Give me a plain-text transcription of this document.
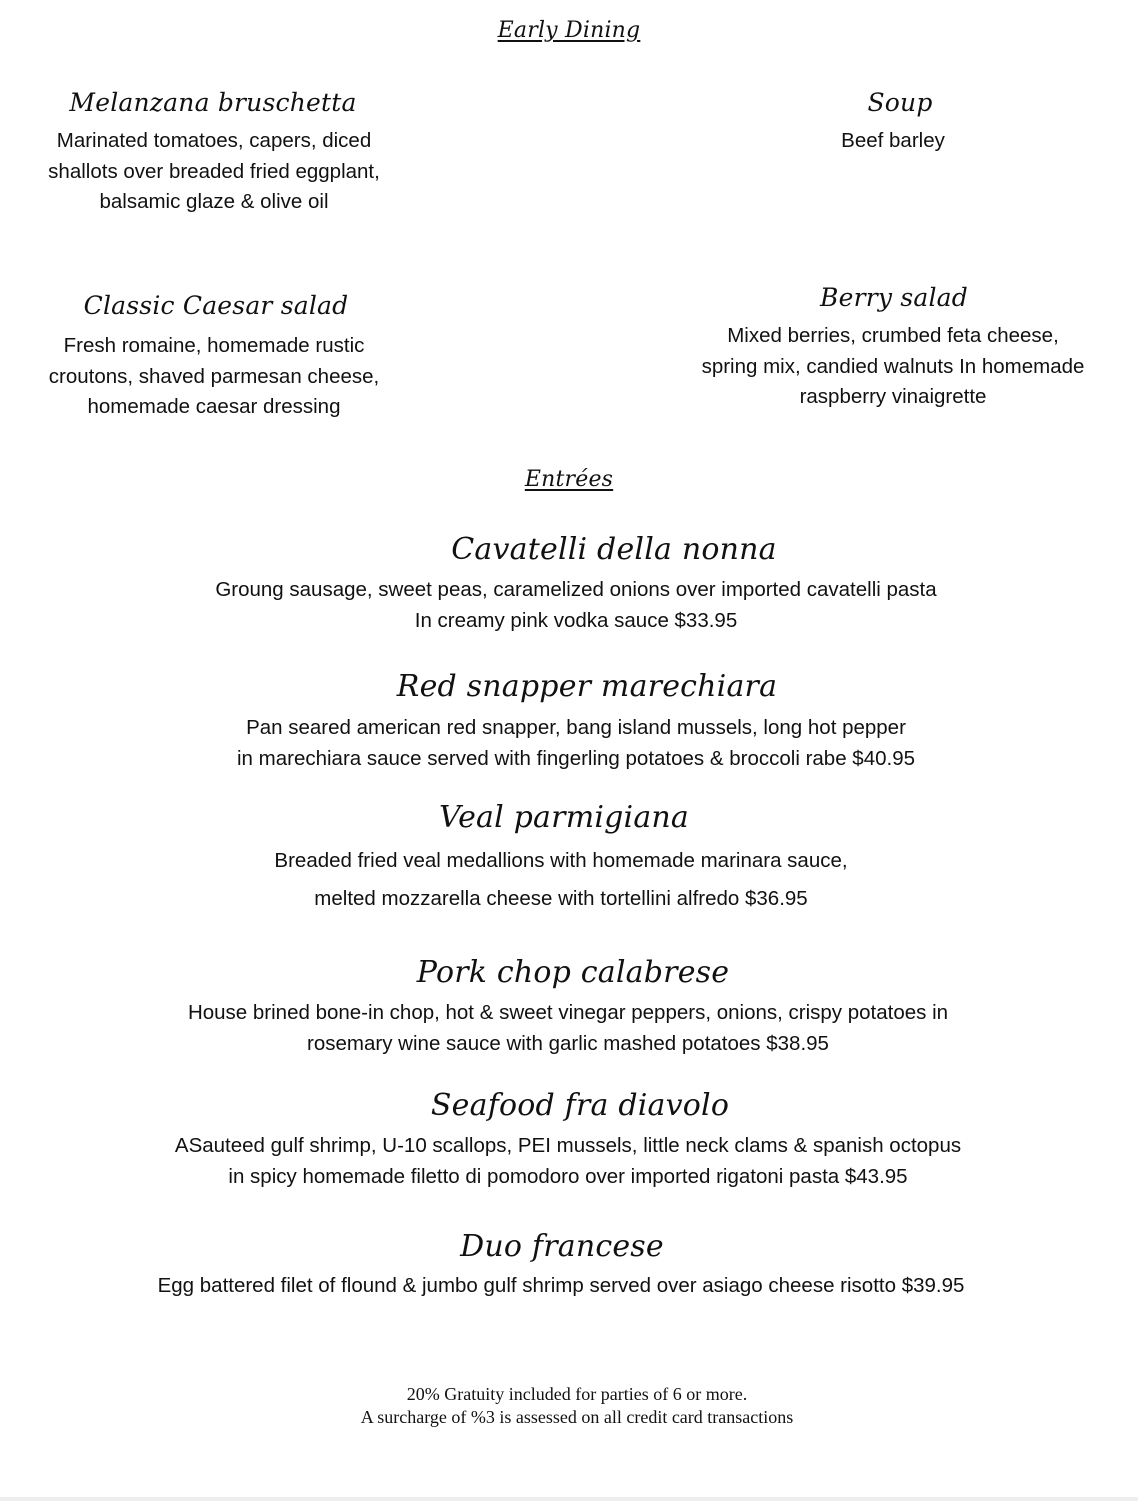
Early Dining
Melanzana bruschetta
Marinated tomatoes, capers, diced
shallots over breaded fried eggplant,
balsamic glaze & olive oil
Soup
Beef barley
Classic Caesar salad
Fresh romaine, homemade rustic
croutons, shaved parmesan cheese,
homemade caesar dressing
Berry salad
Mixed berries, crumbed feta cheese,
spring mix, candied walnuts In homemade
raspberry vinaigrette
Entrées
Cavatelli della nonna
Groung sausage, sweet peas, caramelized onions over imported cavatelli pasta
In creamy pink vodka sauce $33.95
Red snapper marechiara
Pan seared american red snapper, bang island mussels, long hot pepper
in marechiara sauce served with fingerling potatoes & broccoli rabe $40.95
Veal parmigiana
Breaded fried veal medallions with homemade marinara sauce,
melted mozzarella cheese with tortellini alfredo $36.95
Pork chop calabrese
House brined bone-in chop, hot & sweet vinegar peppers, onions, crispy potatoes in
rosemary wine sauce with garlic mashed potatoes $38.95
Seafood fra diavolo
ASauteed gulf shrimp, U-10 scallops, PEI mussels, little neck clams & spanish octopus
in spicy homemade filetto di pomodoro over imported rigatoni pasta $43.95
Duo francese
Egg battered filet of flound & jumbo gulf shrimp served over asiago cheese risotto $39.95
20% Gratuity included for parties of 6 or more.
A surcharge of %3 is assessed on all credit card transactions
